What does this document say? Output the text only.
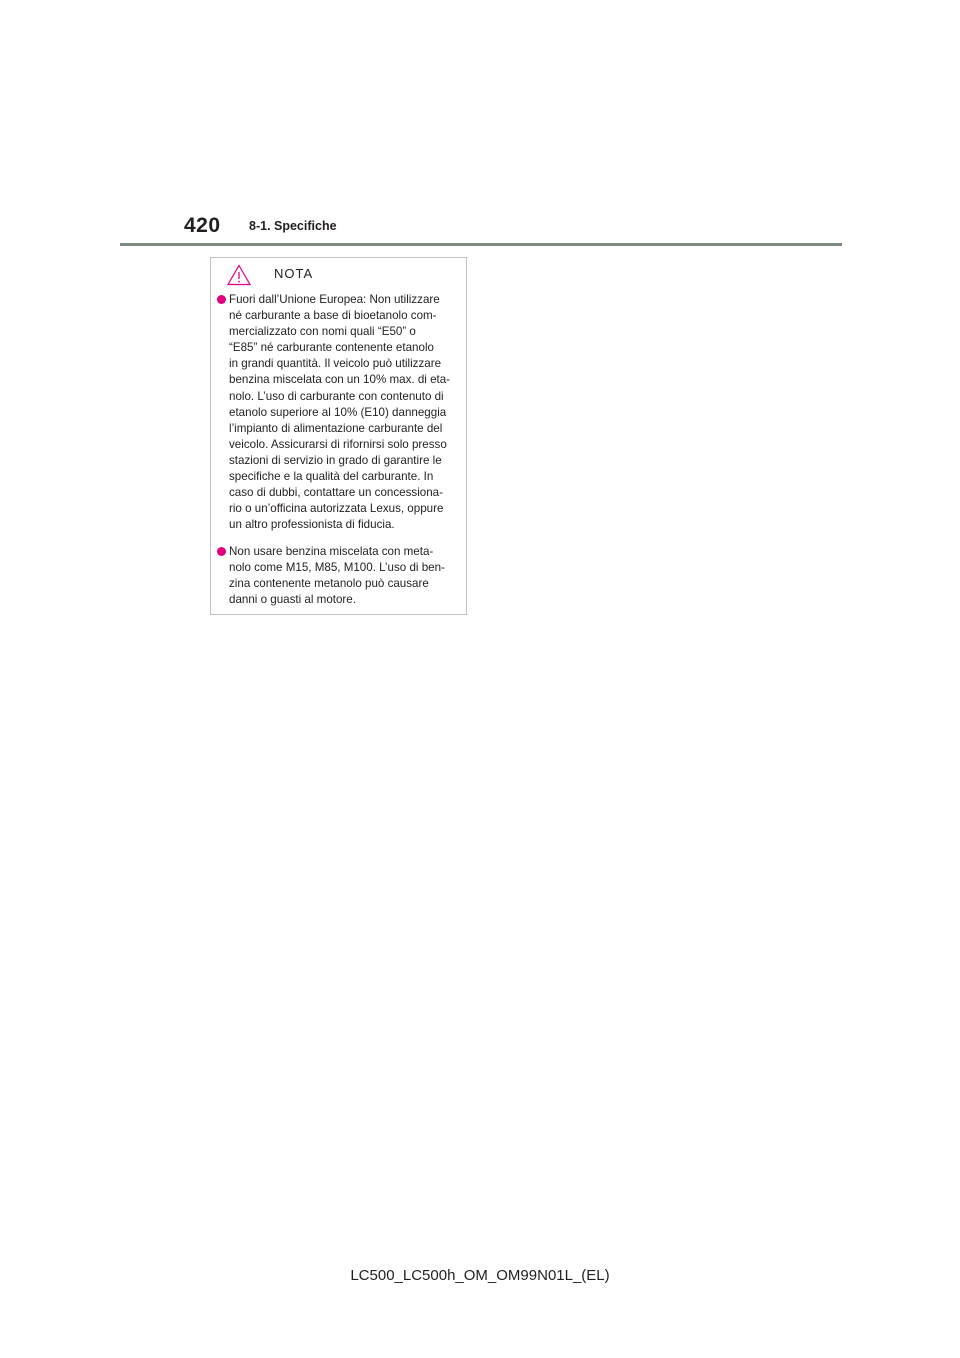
420 8-1. Specifiche
NOTA
Fuori dall’Unione Europea: Non utilizzare
né carburante a base di bioetanolo com-
mercializzato con nomi quali “E50” o
“E85” né carburante contenente etanolo
in grandi quantità. Il veicolo può utilizzare
benzina miscelata con un 10% max. di eta-
nolo. L’uso di carburante con contenuto di
etanolo superiore al 10% (E10) danneggia
l’impianto di alimentazione carburante del
veicolo. Assicurarsi di rifornirsi solo presso
stazioni di servizio in grado di garantire le
specifiche e la qualità del carburante. In
caso di dubbi, contattare un concessiona-
rio o un’officina autorizzata Lexus, oppure
un altro professionista di fiducia.
Non usare benzina miscelata con meta-
nolo come M15, M85, M100. L’uso di ben-
zina contenente metanolo può causare
danni o guasti al motore.
LC500_LC500h_OM_OM99N01L_(EL)
